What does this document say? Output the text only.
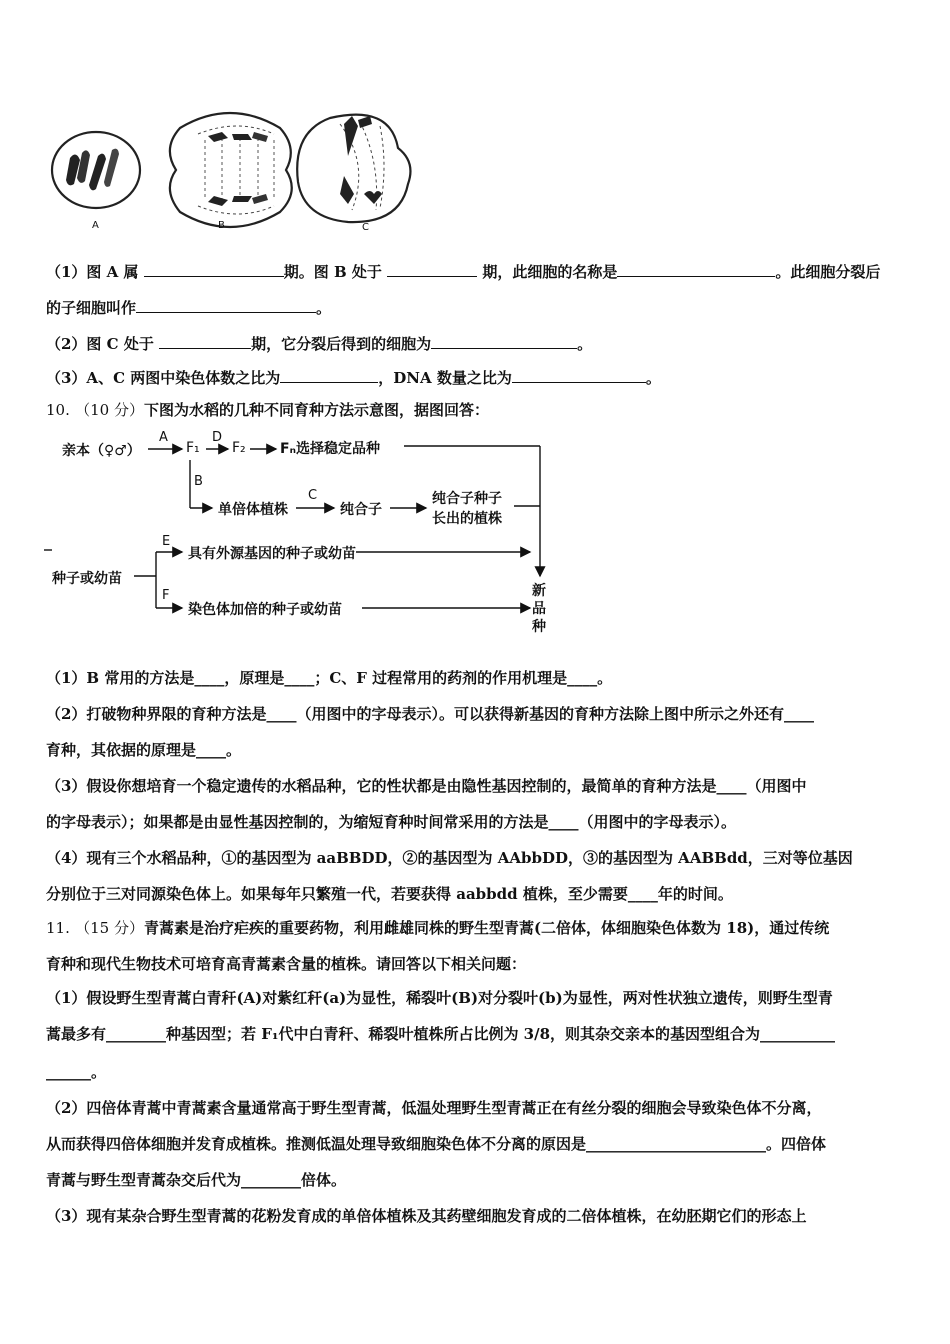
A	B	C
（1）图 A 属	期。图 B 处于	期，此细胞的名称是	。此细胞分裂后
的子细胞叫作	。
（2）图 C 处于	期，它分裂后得到的细胞为	。
（3）A、C 两图中染色体数之比为	，DNA 数量之比为	。
10. （10 分）下图为水稻的几种不同育种方法示意图，据图回答：
亲本（♀♂）
A
F₁
D
F₂ Fₙ选择稳定品种
B
单倍体植株
C
纯合子
纯合子种子
长出的植株
种子或幼苗
E
具有外源基因的种子或幼苗
F
染色体加倍的种子或幼苗
新
品
种
（1）B 常用的方法是____，原理是____；C、F 过程常用的药剂的作用机理是____。
（2）打破物种界限的育种方法是____（用图中的字母表示）。可以获得新基因的育种方法除上图中所示之外还有____
育种，其依据的原理是____。
（3）假设你想培育一个稳定遗传的水稻品种，它的性状都是由隐性基因控制的，最简单的育种方法是____（用图中
的字母表示）；如果都是由显性基因控制的，为缩短育种时间常采用的方法是____（用图中的字母表示）。
（4）现有三个水稻品种，①的基因型为 aaBBDD，②的基因型为 AAbbDD，③的基因型为 AABBdd，三对等位基因
分别位于三对同源染色体上。如果每年只繁殖一代，若要获得 aabbdd 植株，至少需要____年的时间。
11. （15 分）青蒿素是治疗疟疾的重要药物，利用雌雄同株的野生型青蒿(二倍体，体细胞染色体数为 18)，通过传统
育种和现代生物技术可培育高青蒿素含量的植株。请回答以下相关问题：
（1）假设野生型青蒿白青秆(A)对紫红秆(a)为显性，稀裂叶(B)对分裂叶(b)为显性，两对性状独立遗传，则野生型青
蒿最多有________种基因型；若 F₁代中白青秆、稀裂叶植株所占比例为 3/8，则其杂交亲本的基因型组合为__________
______。
（2）四倍体青蒿中青蒿素含量通常高于野生型青蒿，低温处理野生型青蒿正在有丝分裂的细胞会导致染色体不分离，
从而获得四倍体细胞并发育成植株。推测低温处理导致细胞染色体不分离的原因是________________________。四倍体
青蒿与野生型青蒿杂交后代为________倍体。
（3）现有某杂合野生型青蒿的花粉发育成的单倍体植株及其药壁细胞发育成的二倍体植株，在幼胚期它们的形态上
